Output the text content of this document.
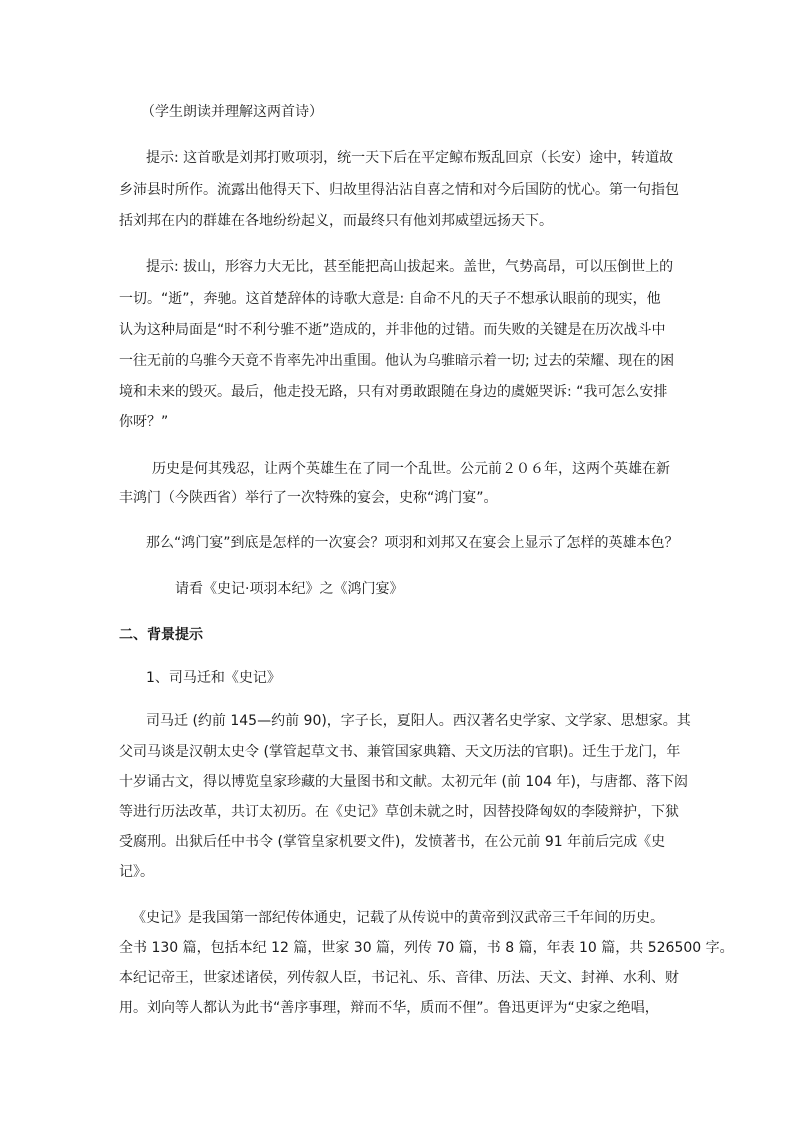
（学生朗读并理解这两首诗）
提示: 这首歌是刘邦打败项羽，统一天下后在平定鲸布叛乱回京（长安）途中，转道故
乡沛县时所作。流露出他得天下、归故里得沾沾自喜之情和对今后国防的忧心。第一句指包
括刘邦在内的群雄在各地纷纷起义，而最终只有他刘邦威望远扬天下。
提示: 拔山，形容力大无比，甚至能把高山拔起来。盖世，气势高昂，可以压倒世上的
一切。“逝”，奔驰。这首楚辞体的诗歌大意是: 自命不凡的天子不想承认眼前的现实，他
认为这种局面是“时不利兮骓不逝”造成的，并非他的过错。而失败的关键是在历次战斗中
一往无前的乌骓今天竟不肯率先冲出重围。他认为乌骓暗示着一切; 过去的荣耀、现在的困
境和未来的毁灭。最后，他走投无路，只有对勇敢跟随在身边的虞姬哭诉: “我可怎么安排
你呀？”
历史是何其残忍，让两个英雄生在了同一个乱世。公元前２０６年，这两个英雄在新
丰鸿门（今陕西省）举行了一次特殊的宴会，史称“鸿门宴”。
那么“鸿门宴”到底是怎样的一次宴会？项羽和刘邦又在宴会上显示了怎样的英雄本色？
请看《史记·项羽本纪》之《鸿门宴》
二、背景提示
1、司马迁和《史记》
司马迁 (约前 145—约前 90)，字子长，夏阳人。西汉著名史学家、文学家、思想家。其
父司马谈是汉朝太史令 (掌管起草文书、兼管国家典籍、天文历法的官职)。迁生于龙门，年
十岁诵古文，得以博览皇家珍藏的大量图书和文献。太初元年 (前 104 年)，与唐都、落下闳
等进行历法改革，共订太初历。在《史记》草创未就之时，因替投降匈奴的李陵辩护，下狱
受腐刑。出狱后任中书令 (掌管皇家机要文件)，发愤著书，在公元前 91 年前后完成《史
记》。
《史记》是我国第一部纪传体通史，记载了从传说中的黄帝到汉武帝三千年间的历史。
全书 130 篇，包括本纪 12 篇，世家 30 篇，列传 70 篇，书 8 篇，年表 10 篇，共 526500 字。
本纪记帝王，世家述诸侯，列传叙人臣，书记礼、乐、音律、历法、天文、封禅、水利、财
用。刘向等人都认为此书“善序事理，辩而不华，质而不俚”。鲁迅更评为“史家之绝唱，
